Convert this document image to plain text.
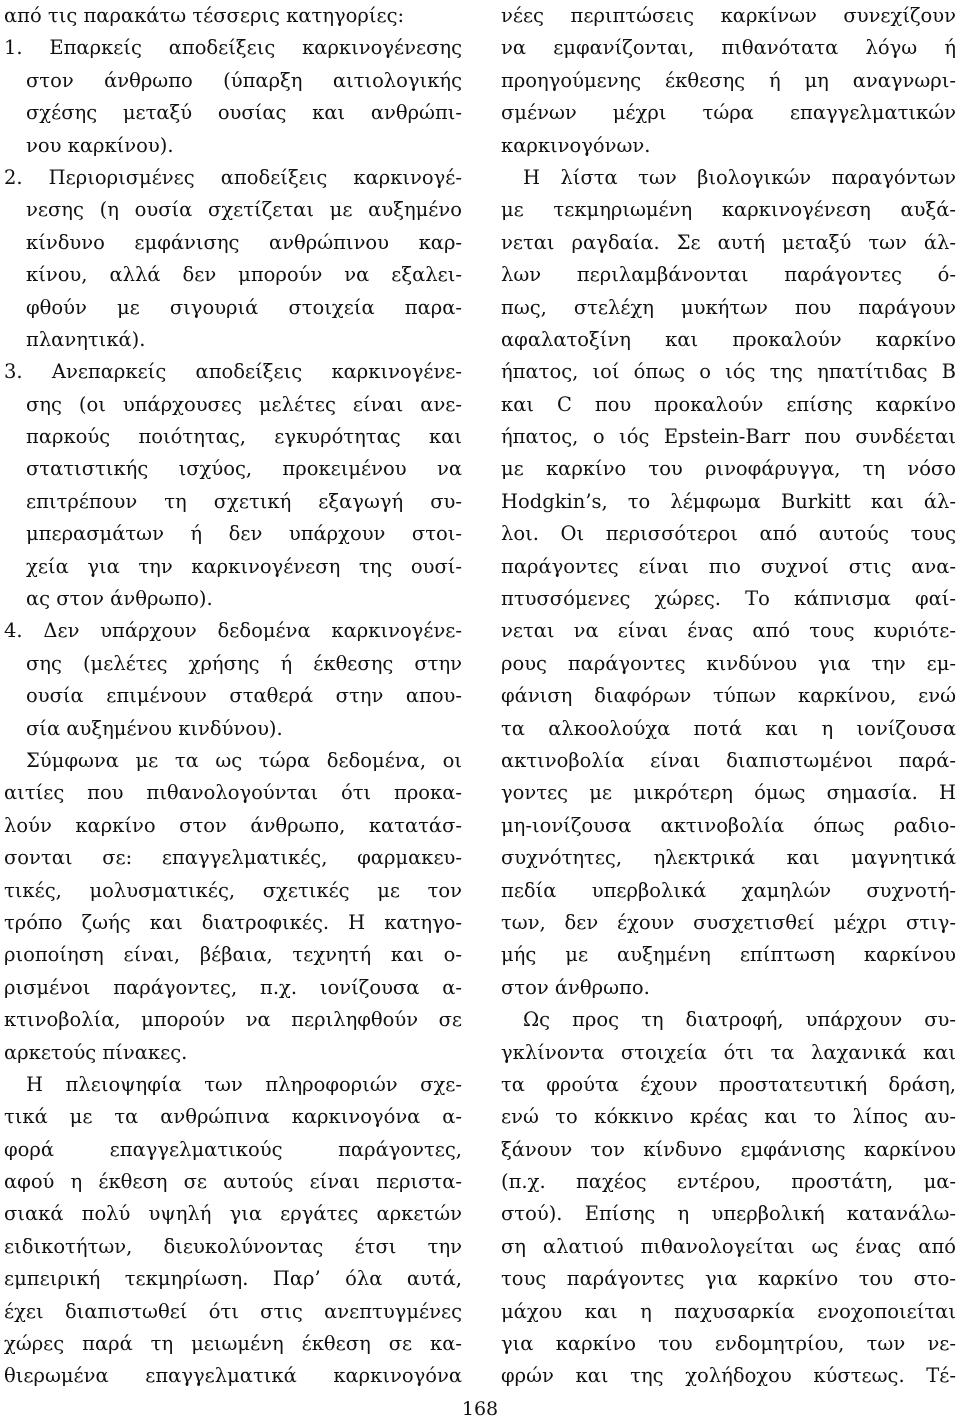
από τις παρακάτω τέσσερις κατηγορίες:
1. Επαρκείς αποδείξεις καρκινογένεσης
στον άνθρωπο (ύπαρξη αιτιολογικής
σχέσης μεταξύ ουσίας και ανθρώπι-
νου καρκίνου).
2. Περιορισμένες αποδείξεις καρκινογέ-
νεσης (η ουσία σχετίζεται με αυξημένο
κίνδυνο εμφάνισης ανθρώπινου καρ-
κίνου, αλλά δεν μπορούν να εξαλει-
φθούν με σιγουριά στοιχεία παρα-
πλανητικά).
3. Ανεπαρκείς αποδείξεις καρκινογένε-
σης (οι υπάρχουσες μελέτες είναι ανε-
παρκούς ποιότητας, εγκυρότητας και
στατιστικής ισχύος, προκειμένου να
επιτρέπουν τη σχετική εξαγωγή συ-
μπερασμάτων ή δεν υπάρχουν στοι-
χεία για την καρκινογένεση της ουσί-
ας στον άνθρωπο).
4. Δεν υπάρχουν δεδομένα καρκινογένε-
σης (μελέτες χρήσης ή έκθεσης στην
ουσία επιμένουν σταθερά στην απου-
σία αυξημένου κινδύνου).
Σύμφωνα με τα ως τώρα δεδομένα, οι
αιτίες που πιθανολογούνται ότι προκα-
λούν καρκίνο στον άνθρωπο, κατατάσ-
σονται σε: επαγγελματικές, φαρμακευ-
τικές, μολυσματικές, σχετικές με τον
τρόπο ζωής και διατροφικές. Η κατηγο-
ριοποίηση είναι, βέβαια, τεχνητή και ο-
ρισμένοι παράγοντες, π.χ. ιονίζουσα α-
κτινοβολία, μπορούν να περιληφθούν σε
αρκετούς πίνακες.
Η πλειοψηφία των πληροφοριών σχε-
τικά με τα ανθρώπινα καρκινογόνα α-
φορά επαγγελματικούς παράγοντες,
αφού η έκθεση σε αυτούς είναι περιστα-
σιακά πολύ υψηλή για εργάτες αρκετών
ειδικοτήτων, διευκολύνοντας έτσι την
εμπειρική τεκμηρίωση. Παρ’ όλα αυτά,
έχει διαπιστωθεί ότι στις ανεπτυγμένες
χώρες παρά τη μειωμένη έκθεση σε κα-
θιερωμένα επαγγελματικά καρκινογόνα
νέες περιπτώσεις καρκίνων συνεχίζουν
να εμφανίζονται, πιθανότατα λόγω ή
προηγούμενης έκθεσης ή μη αναγνωρι-
σμένων μέχρι τώρα επαγγελματικών
καρκινογόνων.
Η λίστα των βιολογικών παραγόντων
με τεκμηριωμένη καρκινογένεση αυξά-
νεται ραγδαία. Σε αυτή μεταξύ των άλ-
λων περιλαμβάνονται παράγοντες ό-
πως, στελέχη μυκήτων που παράγουν
αφαλατοξίνη και προκαλούν καρκίνο
ήπατος, ιοί όπως ο ιός της ηπατίτιδας Β
και C που προκαλούν επίσης καρκίνο
ήπατος, ο ιός Epstein-Barr που συνδέεται
με καρκίνο του ρινοφάρυγγα, τη νόσο
Hodgkin’s, το λέμφωμα Burkitt και άλ-
λοι. Οι περισσότεροι από αυτούς τους
παράγοντες είναι πιο συχνοί στις ανα-
πτυσσόμενες χώρες. Το κάπνισμα φαί-
νεται να είναι ένας από τους κυριότε-
ρους παράγοντες κινδύνου για την εμ-
φάνιση διαφόρων τύπων καρκίνου, ενώ
τα αλκοολούχα ποτά και η ιονίζουσα
ακτινοβολία είναι διαπιστωμένοι παρά-
γοντες με μικρότερη όμως σημασία. Η
μη-ιονίζουσα ακτινοβολία όπως ραδιο-
συχνότητες, ηλεκτρικά και μαγνητικά
πεδία υπερβολικά χαμηλών συχνοτή-
των, δεν έχουν συσχετισθεί μέχρι στιγ-
μής με αυξημένη επίπτωση καρκίνου
στον άνθρωπο.
Ως προς τη διατροφή, υπάρχουν συ-
γκλίνοντα στοιχεία ότι τα λαχανικά και
τα φρούτα έχουν προστατευτική δράση,
ενώ το κόκκινο κρέας και το λίπος αυ-
ξάνουν τον κίνδυνο εμφάνισης καρκίνου
(π.χ. παχέος εντέρου, προστάτη, μα-
στού). Επίσης η υπερβολική κατανάλω-
ση αλατιού πιθανολογείται ως ένας από
τους παράγοντες για καρκίνο του στο-
μάχου και η παχυσαρκία ενοχοποιείται
για καρκίνο του ενδομητρίου, των νε-
φρών και της χολήδοχου κύστεως. Τέ-
168
